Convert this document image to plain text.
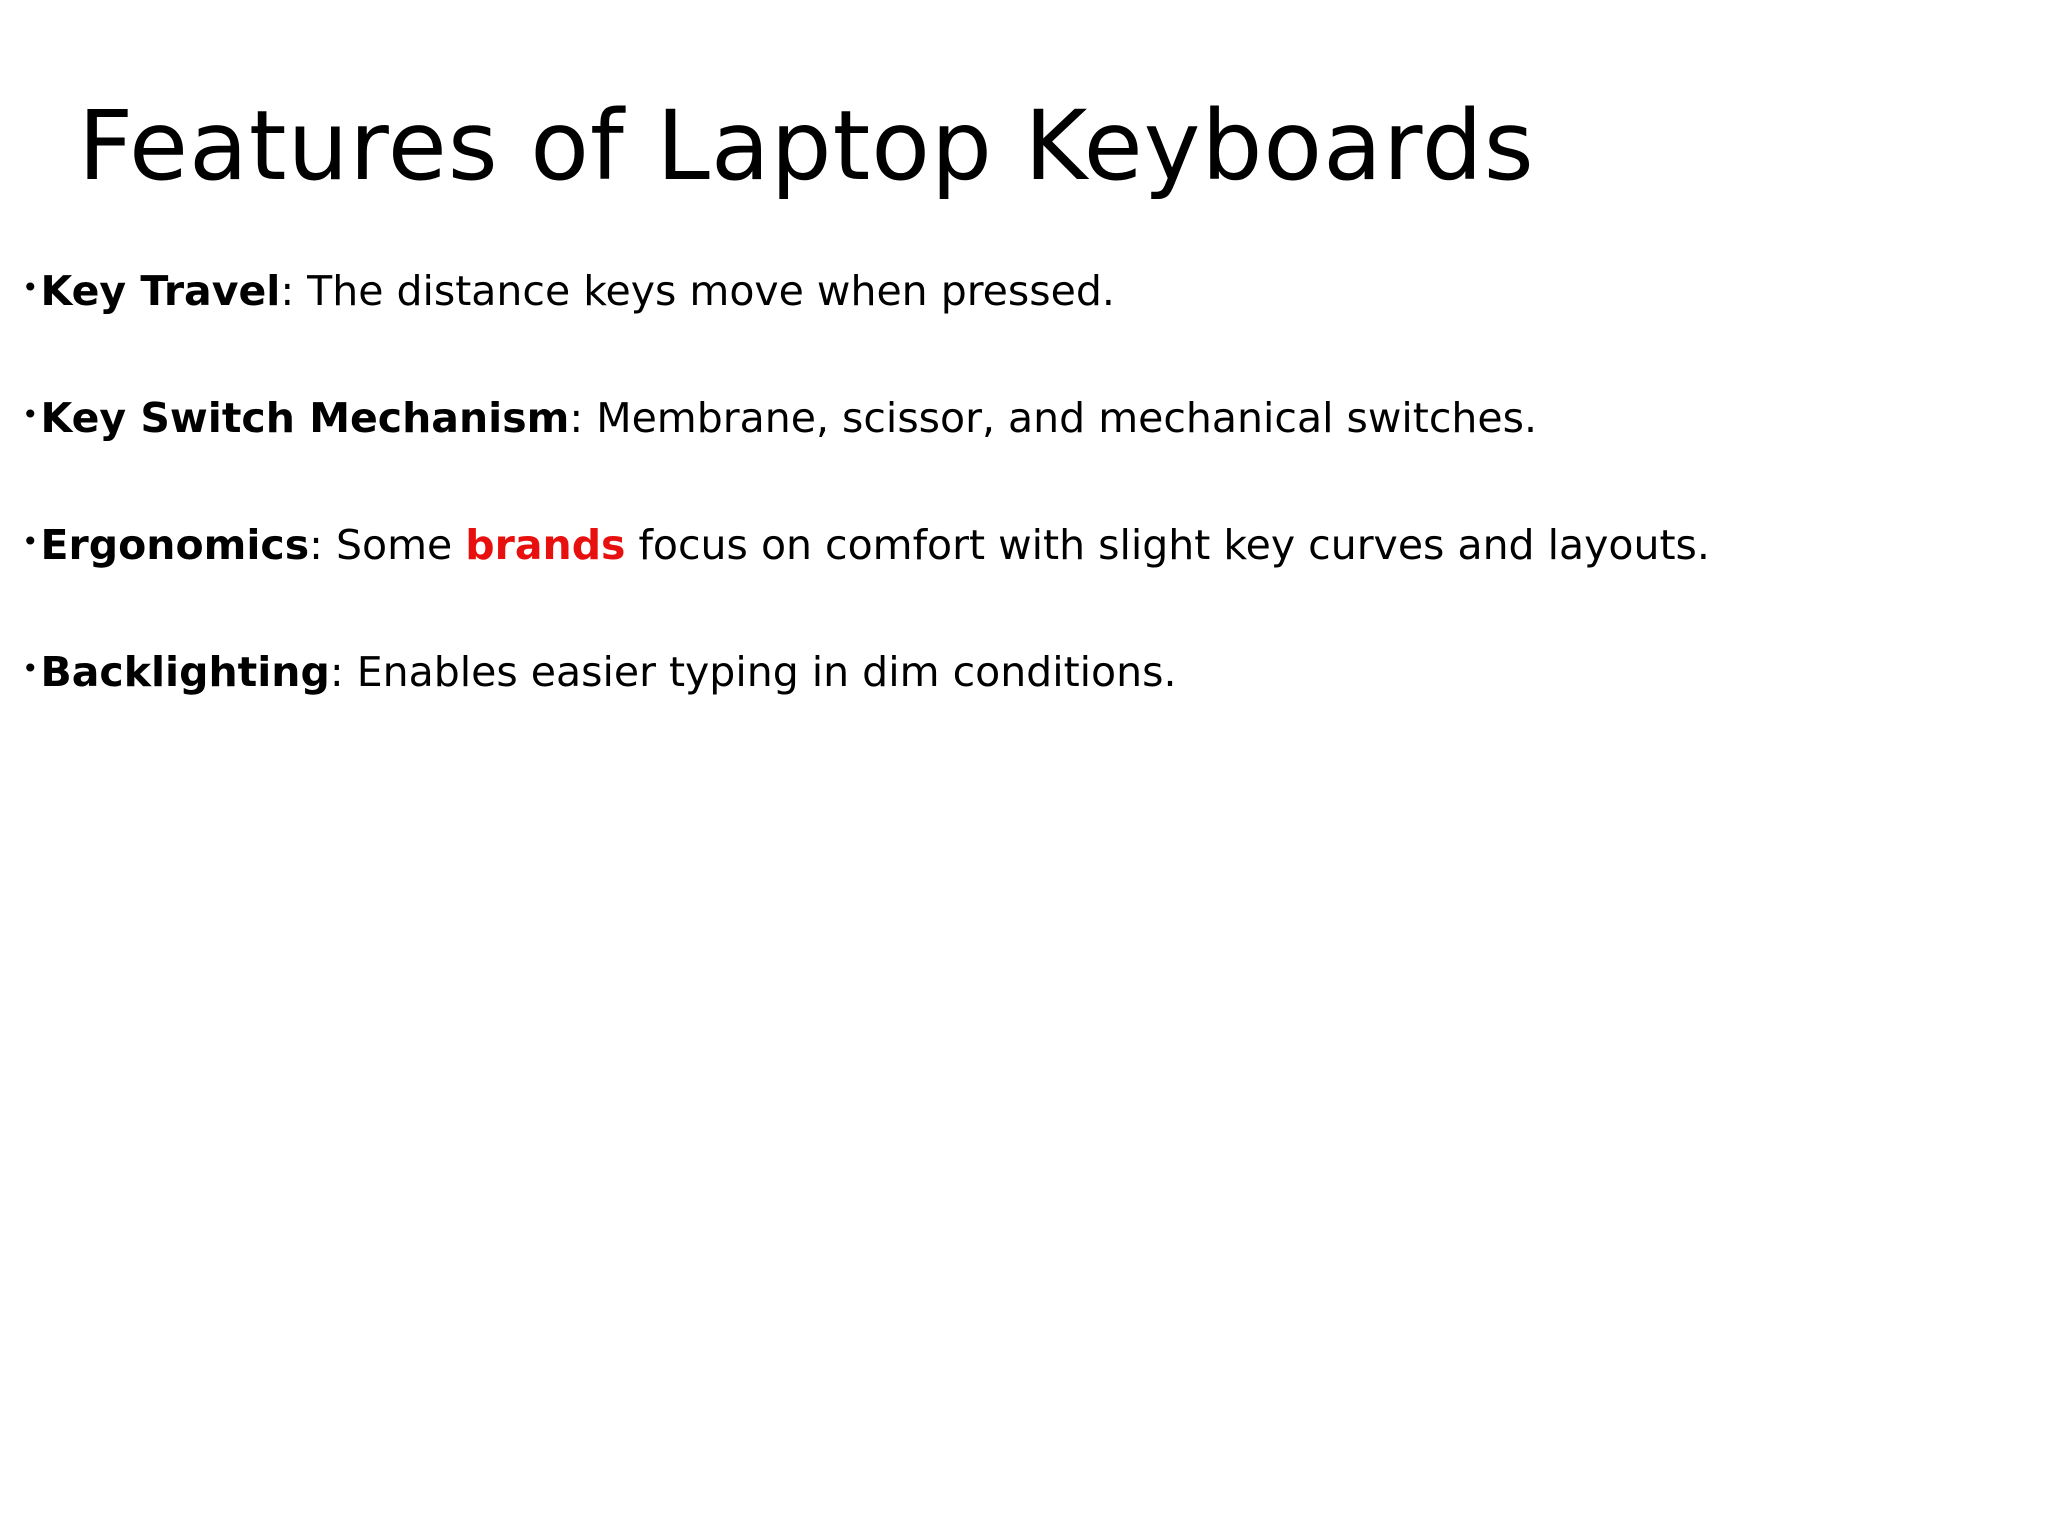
Features of Laptop Keyboards
•Key Travel: The distance keys move when pressed.
•Key Switch Mechanism: Membrane, scissor, and mechanical switches.
•Ergonomics: Some brands focus on comfort with slight key curves and layouts.
•Backlighting: Enables easier typing in dim conditions.
